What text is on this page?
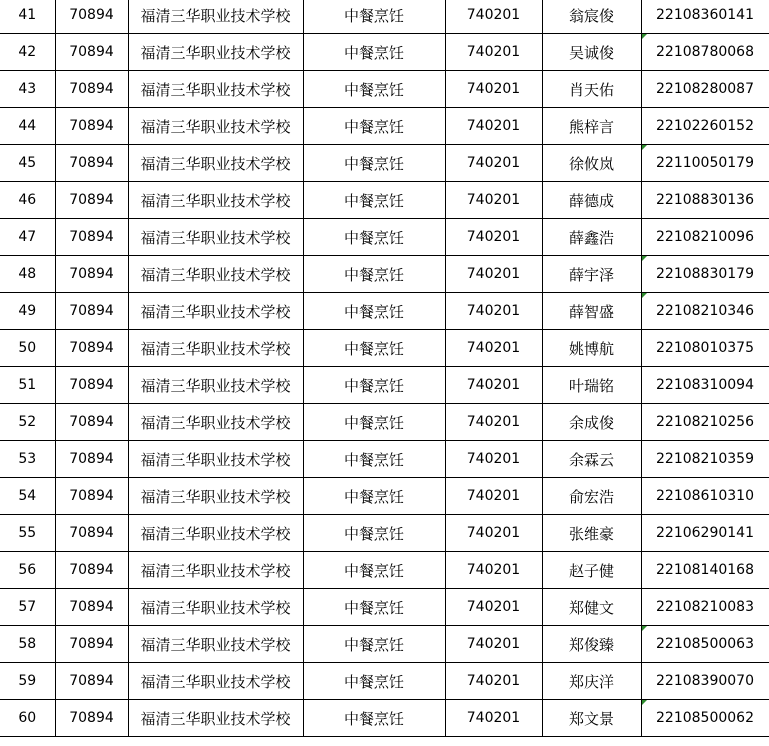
41	70894	福清三华职业技术学校	中餐烹饪	740201	翁宸俊	22108360141
42	70894	福清三华职业技术学校	中餐烹饪	740201	吴诚俊	22108780068
43	70894	福清三华职业技术学校	中餐烹饪	740201	肖天佑	22108280087
44	70894	福清三华职业技术学校	中餐烹饪	740201	熊梓言	22102260152
45	70894	福清三华职业技术学校	中餐烹饪	740201	徐攸岚	22110050179
46	70894	福清三华职业技术学校	中餐烹饪	740201	薛德成	22108830136
47	70894	福清三华职业技术学校	中餐烹饪	740201	薛鑫浩	22108210096
48	70894	福清三华职业技术学校	中餐烹饪	740201	薛宇泽	22108830179
49	70894	福清三华职业技术学校	中餐烹饪	740201	薛智盛	22108210346
50	70894	福清三华职业技术学校	中餐烹饪	740201	姚博航	22108010375
51	70894	福清三华职业技术学校	中餐烹饪	740201	叶瑞铭	22108310094
52	70894	福清三华职业技术学校	中餐烹饪	740201	余成俊	22108210256
53	70894	福清三华职业技术学校	中餐烹饪	740201	余霖云	22108210359
54	70894	福清三华职业技术学校	中餐烹饪	740201	俞宏浩	22108610310
55	70894	福清三华职业技术学校	中餐烹饪	740201	张维豪	22106290141
56	70894	福清三华职业技术学校	中餐烹饪	740201	赵子健	22108140168
57	70894	福清三华职业技术学校	中餐烹饪	740201	郑健文	22108210083
58	70894	福清三华职业技术学校	中餐烹饪	740201	郑俊臻	22108500063
59	70894	福清三华职业技术学校	中餐烹饪	740201	郑庆洋	22108390070
60	70894	福清三华职业技术学校	中餐烹饪	740201	郑文景	22108500062
